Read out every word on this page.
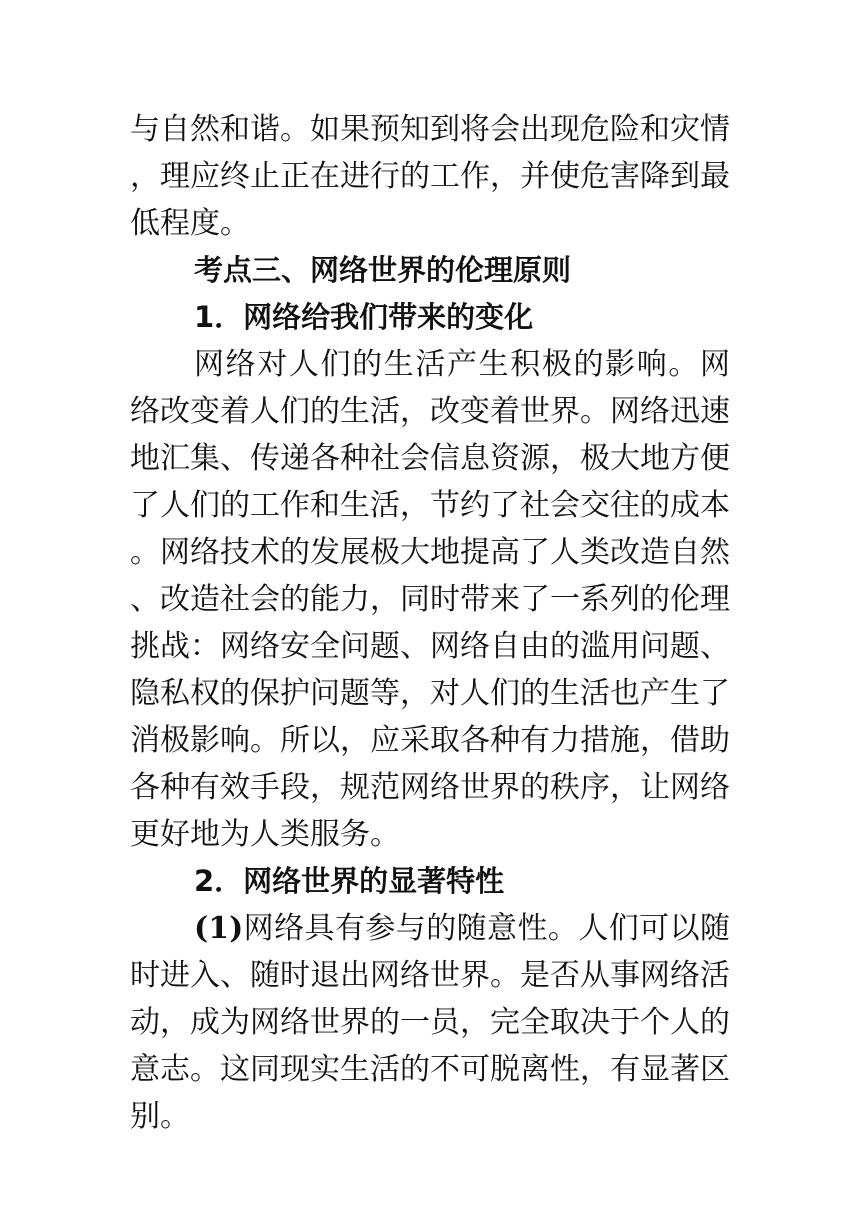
与自然和谐。如果预知到将会出现危险和灾情，理应终止正在进行的工作，并使危害降到最低程度。

考点三、网络世界的伦理原则

1．网络给我们带来的变化

网络对人们的生活产生积极的影响。网络改变着人们的生活，改变着世界。网络迅速地汇集、传递各种社会信息资源，极大地方便了人们的工作和生活，节约了社会交往的成本。网络技术的发展极大地提高了人类改造自然、改造社会的能力，同时带来了一系列的伦理挑战：网络安全问题、网络自由的滥用问题、隐私权的保护问题等，对人们的生活也产生了消极影响。所以，应采取各种有力措施，借助各种有效手段，规范网络世界的秩序，让网络更好地为人类服务。

2．网络世界的显著特性

(1)网络具有参与的随意性。人们可以随时进入、随时退出网络世界。是否从事网络活动，成为网络世界的一员，完全取决于个人的意志。这同现实生活的不可脱离性，有显著区别。
